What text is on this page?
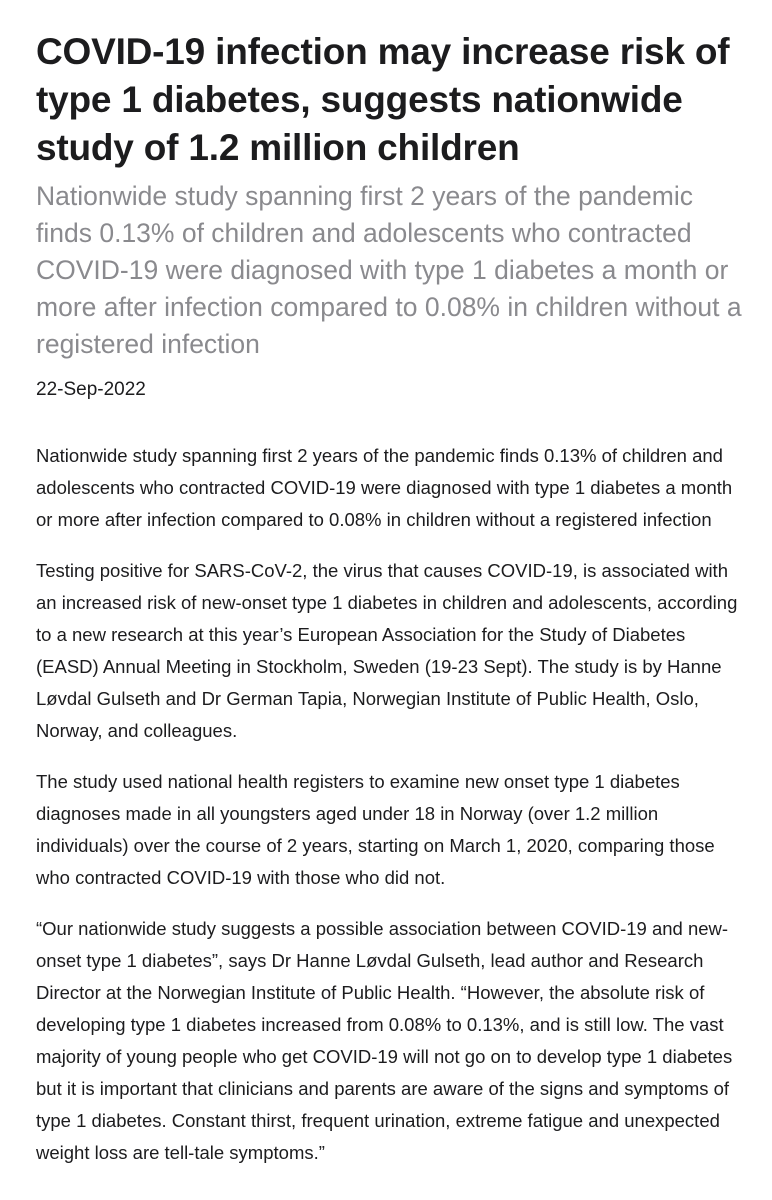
COVID-19 infection may increase risk of type 1 diabetes, suggests nationwide study of 1.2 million children
Nationwide study spanning first 2 years of the pandemic finds 0.13% of children and adolescents who contracted COVID-19 were diagnosed with type 1 diabetes a month or more after infection compared to 0.08% in children without a registered infection
22-Sep-2022

Nationwide study spanning first 2 years of the pandemic finds 0.13% of children and adolescents who contracted COVID-19 were diagnosed with type 1 diabetes a month or more after infection compared to 0.08% in children without a registered infection

Testing positive for SARS-CoV-2, the virus that causes COVID-19, is associated with an increased risk of new-onset type 1 diabetes in children and adolescents, according to a new research at this year’s European Association for the Study of Diabetes (EASD) Annual Meeting in Stockholm, Sweden (19-23 Sept). The study is by Hanne Løvdal Gulseth and Dr German Tapia, Norwegian Institute of Public Health, Oslo, Norway, and colleagues.

The study used national health registers to examine new onset type 1 diabetes diagnoses made in all youngsters aged under 18 in Norway (over 1.2 million individuals) over the course of 2 years, starting on March 1, 2020, comparing those who contracted COVID-19 with those who did not.

“Our nationwide study suggests a possible association between COVID-19 and new-onset type 1 diabetes”, says Dr Hanne Løvdal Gulseth, lead author and Research Director at the Norwegian Institute of Public Health. “However, the absolute risk of developing type 1 diabetes increased from 0.08% to 0.13%, and is still low. The vast majority of young people who get COVID-19 will not go on to develop type 1 diabetes but it is important that clinicians and parents are aware of the signs and symptoms of type 1 diabetes. Constant thirst, frequent urination, extreme fatigue and unexpected weight loss are tell-tale symptoms.”
